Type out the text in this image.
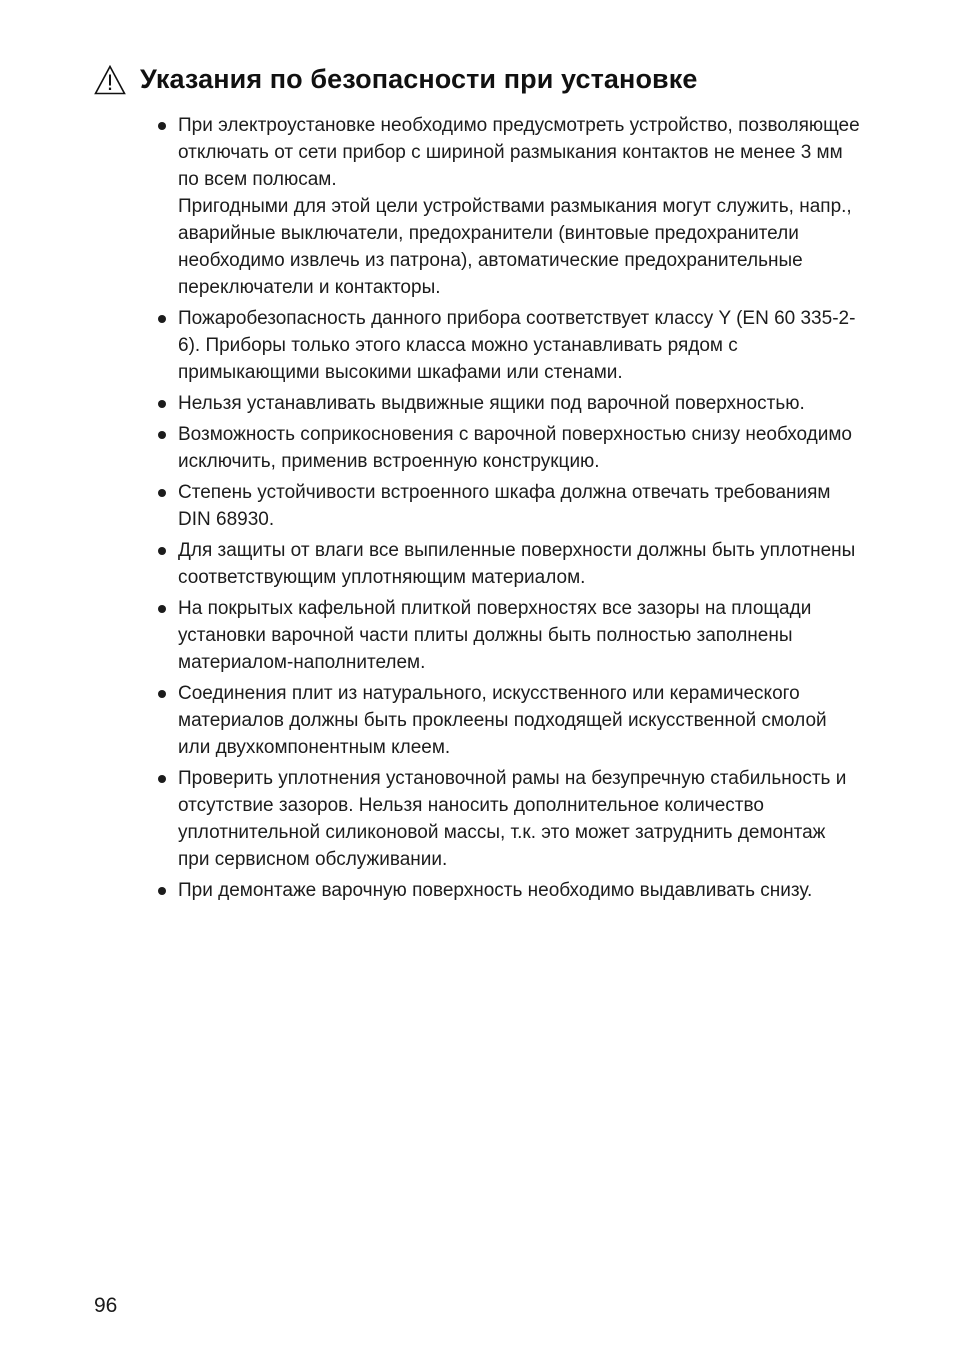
Указания по безопасности при установке
При электроустановке необходимо предусмотреть устройство, позволяющее отключать от сети прибор с шириной размыкания контактов не менее 3 мм по всем полюсам.
Пригодными для этой цели устройствами размыкания могут служить, напр., аварийные выключатели, предохранители (винтовые предохранители необходимо извлечь из патрона), автоматические предохранительные переключатели и контакторы.
Пожаробезопасность данного прибора соответствует классу Y (EN 60 335-2-6). Приборы только этого класса можно устанавливать рядом с примыкающими высокими шкафами или стенами.
Нельзя устанавливать выдвижные ящики под варочной поверхностью.
Возможность соприкосновения с варочной поверхностью снизу необходимо исключить, применив встроенную конструкцию.
Степень устойчивости встроенного шкафа должна отвечать требованиям DIN 68930.
Для защиты от влаги все выпиленные поверхности должны быть уплотнены соответствующим уплотняющим материалом.
На покрытых кафельной плиткой поверхностях все зазоры на площади установки варочной части плиты должны быть полностью заполнены материалом-наполнителем.
Соединения плит из натурального, искусственного или керамического материалов должны быть проклеены подходящей искусственной смолой или двухкомпонентным клеем.
Проверить уплотнения установочной рамы на безупречную стабильность и отсутствие зазоров. Нельзя наносить дополнительное количество уплотнительной силиконовой массы, т.к. это может затруднить демонтаж при сервисном обслуживании.
При демонтаже варочную поверхность необходимо выдавливать снизу.
96
